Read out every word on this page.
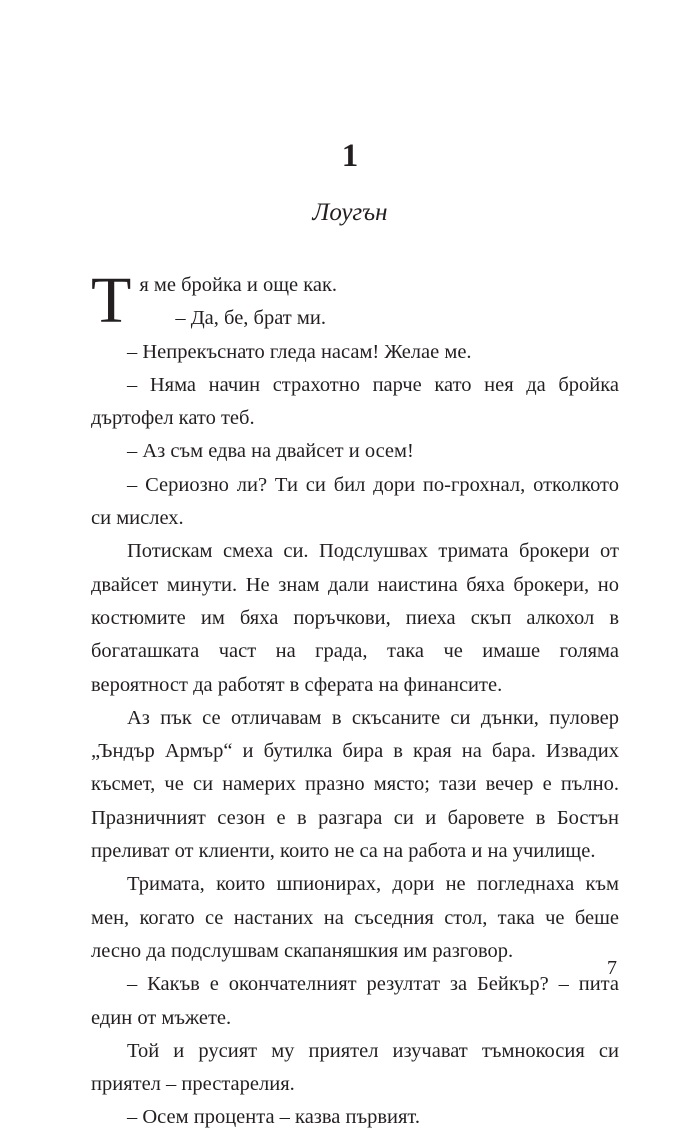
1
Лоугън

Тя ме бройка и още как.

– Да, бе, брат ми.

– Непрекъснато гледа насам! Желае ме.

– Няма начин страхотно парче като нея да бройка дъртофел като теб.

– Аз съм едва на двайсет и осем!

– Сериозно ли? Ти си бил дори по-грохнал, отколкото си мислех.

Потискам смеха си. Подслушвах тримата брокери от двайсет минути. Не знам дали наистина бяха брокери, но костюмите им бяха поръчкови, пиеха скъп алкохол в богаташката част на града, така че имаше голяма вероятност да работят в сферата на финансите.

Аз пък се отличавам в скъсаните си дънки, пуловер „Ъндър Армър“ и бутилка бира в края на бара. Извадих късмет, че си намерих празно място; тази вечер е пълно. Празничният сезон е в разгара си и баровете в Бостън преливат от клиенти, които не са на работа и на училище.

Тримата, които шпионирах, дори не погледнаха към мен, когато се настаних на съседния стол, така че беше лесно да подслушвам скапаняшкия им разговор.

– Какъв е окончателният резултат за Бейкър? – пита един от мъжете.

Той и русият му приятел изучават тъмнокосия си приятел – престарелия.

– Осем процента – казва първият.

7
